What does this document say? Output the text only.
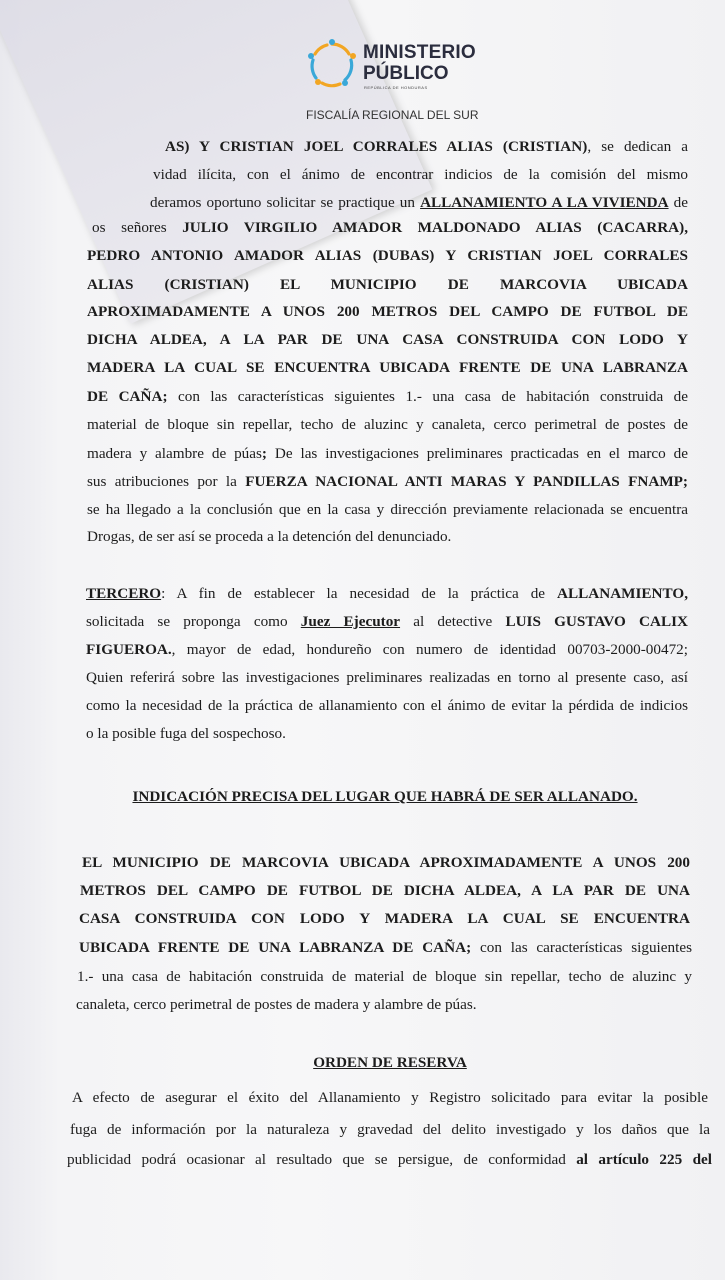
MINISTERIO
PÚBLICO
REPÚBLICA DE HONDURAS
FISCALÍA REGIONAL DEL SUR
AS) Y CRISTIAN JOEL CORRALES ALIAS (CRISTIAN), se dedican a
vidad ilícita, con el ánimo de encontrar indicios de la comisión del mismo
deramos oportuno solicitar se practique un ALLANAMIENTO A LA VIVIENDA de
os señores JULIO VIRGILIO AMADOR MALDONADO ALIAS (CACARRA),
PEDRO ANTONIO AMADOR ALIAS (DUBAS) Y CRISTIAN JOEL CORRALES
ALIAS (CRISTIAN) EL MUNICIPIO DE MARCOVIA UBICADA
APROXIMADAMENTE A UNOS 200 METROS DEL CAMPO DE FUTBOL DE
DICHA ALDEA, A LA PAR DE UNA CASA CONSTRUIDA CON LODO Y
MADERA LA CUAL SE ENCUENTRA UBICADA FRENTE DE UNA LABRANZA
DE CAÑA; con las características siguientes 1.- una casa de habitación construida de
material de bloque sin repellar, techo de aluzinc y canaleta, cerco perimetral de postes de
madera y alambre de púas; De las investigaciones preliminares practicadas en el marco de
sus atribuciones por la FUERZA NACIONAL ANTI MARAS Y PANDILLAS FNAMP;
se ha llegado a la conclusión que en la casa y dirección previamente relacionada se encuentra
Drogas, de ser así se proceda a la detención del denunciado.
TERCERO: A fin de establecer la necesidad de la práctica de ALLANAMIENTO,
solicitada se proponga como Juez Ejecutor al detective LUIS GUSTAVO CALIX
FIGUEROA., mayor de edad, hondureño con numero de identidad 00703-2000-00472;
Quien referirá sobre las investigaciones preliminares realizadas en torno al presente caso, así
como la necesidad de la práctica de allanamiento con el ánimo de evitar la pérdida de indicios
o la posible fuga del sospechoso.
INDICACIÓN PRECISA DEL LUGAR QUE HABRÁ DE SER ALLANADO.
EL MUNICIPIO DE MARCOVIA UBICADA APROXIMADAMENTE A UNOS 200
METROS DEL CAMPO DE FUTBOL DE DICHA ALDEA, A LA PAR DE UNA
CASA CONSTRUIDA CON LODO Y MADERA LA CUAL SE ENCUENTRA
UBICADA FRENTE DE UNA LABRANZA DE CAÑA; con las características siguientes
1.- una casa de habitación construida de material de bloque sin repellar, techo de aluzinc y
canaleta, cerco perimetral de postes de madera y alambre de púas.
ORDEN DE RESERVA
A efecto de asegurar el éxito del Allanamiento y Registro solicitado para evitar la posible
fuga de información por la naturaleza y gravedad del delito investigado y los daños que la
publicidad podrá ocasionar al resultado que se persigue, de conformidad al artículo 225 del
